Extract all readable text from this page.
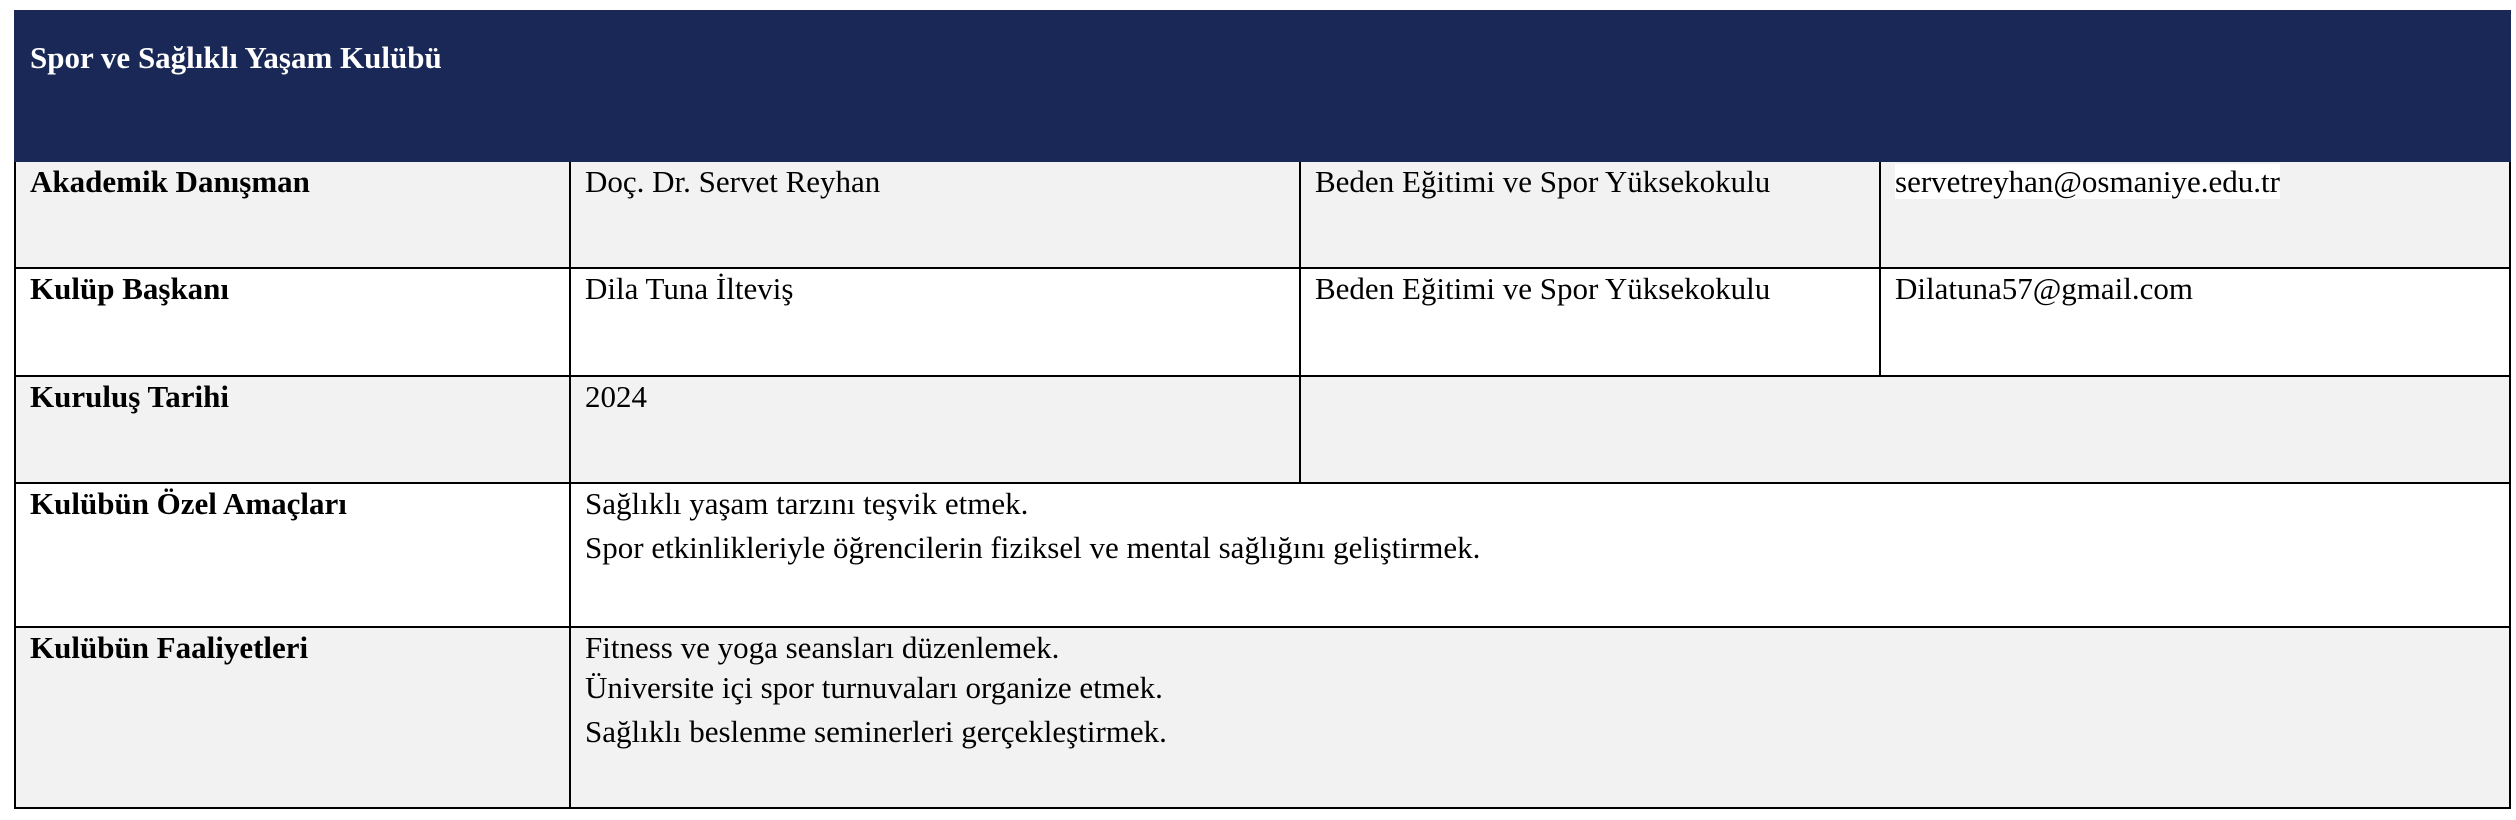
Spor ve Sağlıklı Yaşam Kulübü			
Akademik Danışman	Doç. Dr. Servet Reyhan	Beden Eğitimi ve Spor Yüksekokulu	servetreyhan@osmaniye.edu.tr
Kulüp Başkanı	Dila Tuna İlteviş	Beden Eğitimi ve Spor Yüksekokulu	Dilatuna57@gmail.com
Kuruluş Tarihi	2024		
Kulübün Özel Amaçları	Sağlıklı yaşam tarzını teşvik etmek.
Spor etkinlikleriyle öğrencilerin fiziksel ve mental sağlığını geliştirmek.		

Kulübün Faaliyetleri	Fitness ve yoga seansları düzenlemek.
Üniversite içi spor turnuvaları organize etmek.
Sağlıklı beslenme seminerleri gerçekleştirmek.		
